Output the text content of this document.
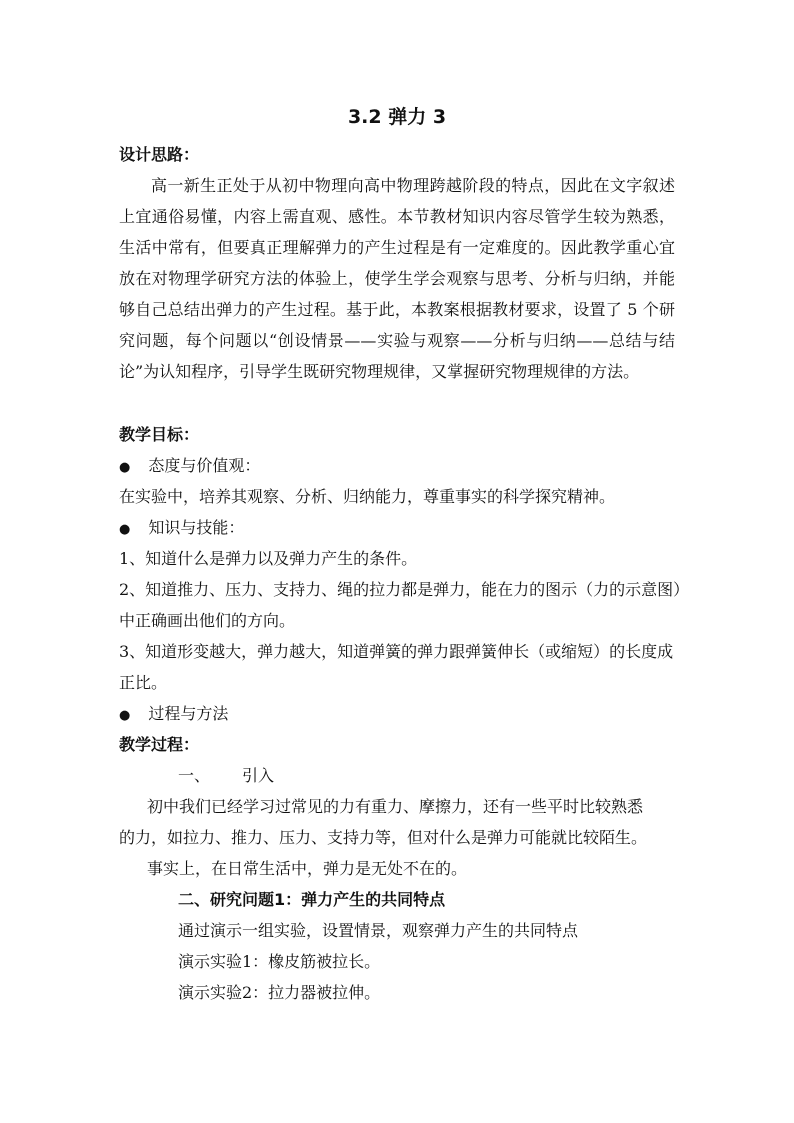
3.2 弹力 3
设计思路：
高一新生正处于从初中物理向高中物理跨越阶段的特点，因此在文字叙述上宜通俗易懂，内容上需直观、感性。本节教材知识内容尽管学生较为熟悉，生活中常有，但要真正理解弹力的产生过程是有一定难度的。因此教学重心宜放在对物理学研究方法的体验上，使学生学会观察与思考、分析与归纳，并能够自己总结出弹力的产生过程。基于此，本教案根据教材要求，设置了 5 个研究问题，每个问题以“创设情景——实验与观察——分析与归纳——总结与结论”为认知程序，引导学生既研究物理规律，又掌握研究物理规律的方法。
教学目标：
● 态度与价值观：
在实验中，培养其观察、分析、归纳能力，尊重事实的科学探究精神。
● 知识与技能：
1、知道什么是弹力以及弹力产生的条件。
2、知道推力、压力、支持力、绳的拉力都是弹力，能在力的图示（力的示意图）
中正确画出他们的方向。
3、知道形变越大，弹力越大，知道弹簧的弹力跟弹簧伸长（或缩短）的长度成
正比。
● 过程与方法
教学过程：
一、 引入
初中我们已经学习过常见的力有重力、摩擦力，还有一些平时比较熟悉
的力，如拉力、推力、压力、支持力等，但对什么是弹力可能就比较陌生。
事实上，在日常生活中，弹力是无处不在的。
二、研究问题1：弹力产生的共同特点
通过演示一组实验，设置情景，观察弹力产生的共同特点
演示实验1：橡皮筋被拉长。
演示实验2：拉力器被拉伸。
